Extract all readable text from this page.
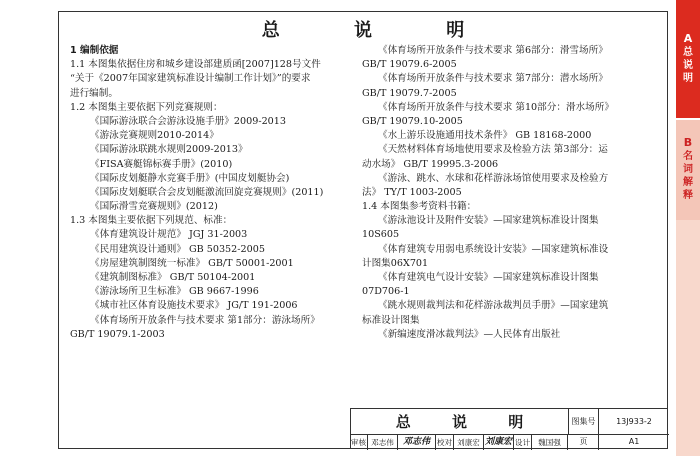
A
总说明
B
名词解释
总 说 明
1 编制依据
1.1 本图集依据住房和城乡建设部建质函[2007]128号文件
“关于《2007年国家建筑标准设计编制工作计划》”的要求
进行编制。
1.2 本图集主要依据下列竞赛规则：
《国际游泳联合会游泳设施手册》2009-2013
《游泳竞赛规则2010-2014》
《国际游泳联跳水规则2009-2013》
《FISA赛艇锦标赛手册》(2010)
《国际皮划艇静水竞赛手册》(中国皮划艇协会)
《国际皮划艇联合会皮划艇激流回旋竞赛规则》(2011)
《国际滑雪竞赛规则》(2012)
1.3 本图集主要依据下列规范、标准：
《体育建筑设计规范》 JGJ 31-2003
《民用建筑设计通则》 GB 50352-2005
《房屋建筑制图统一标准》 GB/T 50001-2001
《建筑制图标准》 GB/T 50104-2001
《游泳场所卫生标准》 GB 9667-1996
《城市社区体育设施技术要求》 JG/T 191-2006
《体育场所开放条件与技术要求 第1部分：游泳场所》
GB/T 19079.1-2003
《体育场所开放条件与技术要求 第6部分：滑雪场所》
GB/T 19079.6-2005
《体育场所开放条件与技术要求 第7部分：潜水场所》
GB/T 19079.7-2005
《体育场所开放条件与技术要求 第10部分：滑水场所》
GB/T 19079.10-2005
《水上游乐设施通用技术条件》 GB 18168-2000
《天然材料体育场地使用要求及检验方法 第3部分：运
动水场》 GB/T 19995.3-2006
《游泳、跳水、水球和花样游泳场馆使用要求及检验方
法》 TY/T 1003-2005
1.4 本图集参考资料书籍：
《游泳池设计及附件安装》—国家建筑标准设计图集
10S605
《体育建筑专用弱电系统设计安装》—国家建筑标准设
计图集06X701
《体育建筑电气设计安装》—国家建筑标准设计图集
07D706-1
《跳水规则裁判法和花样游泳裁判员手册》—国家建筑
标准设计图集
《新编速度滑冰裁判法》—人民体育出版社
总 说 明	图集号	13J933-2
页	A1
审核 邓志伟	邓志伟 校对 刘康宏 刘康宏 设计	魏国强
